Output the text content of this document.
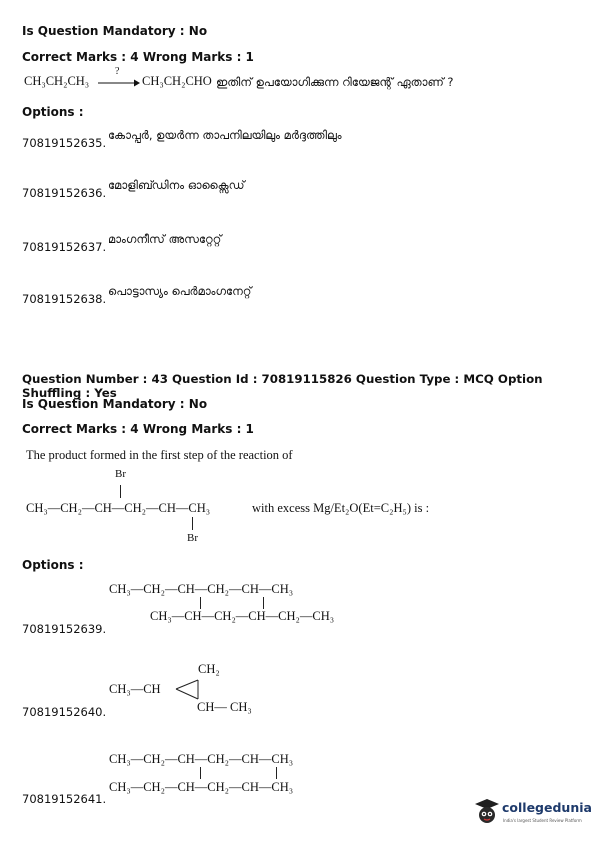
Is Question Mandatory : No
Correct Marks : 4 Wrong Marks : 1
CH₃CH₂CH₃
?
→ CH₃CH₂CHO ഇതിന് ഉപയോഗിക്കുന്ന റിയേജന്റ് ഏതാണ് ?
Options :
70819152635.
കോപ്പർ, ഉയർന്ന താപനിലയിലും മർദ്ദത്തിലും
70819152636.
മോളിബ്ഡിനം ഓക്സൈഡ്
70819152637.
മാംഗനീസ് അസറ്റേറ്റ്
70819152638.
പൊട്ടാസ്യം പെർമാംഗനേറ്റ്
Question Number : 43 Question Id : 70819115826 Question Type : MCQ Option Shuffling : Yes
Is Question Mandatory : No
Correct Marks : 4 Wrong Marks : 1
The product formed in the first step of the reaction of
Br
CH₃—CH₂—CH—CH₂—CH—CH₃	with excess Mg/Et₂O(Et=C₂H₅) is :
Br
Options :
CH₃—CH₂—CH—CH₂—CH—CH₃
CH₃—CH—CH₂—CH—CH₂—CH₃
70819152639.
CH₂
CH₃—CH
CH— CH₃
70819152640.
CH₃—CH₂—CH—CH₂—CH—CH₃
CH₃—CH₂—CH—CH₂—CH—CH₃
70819152641.
collegedunia
India's largest Student Review Platform
